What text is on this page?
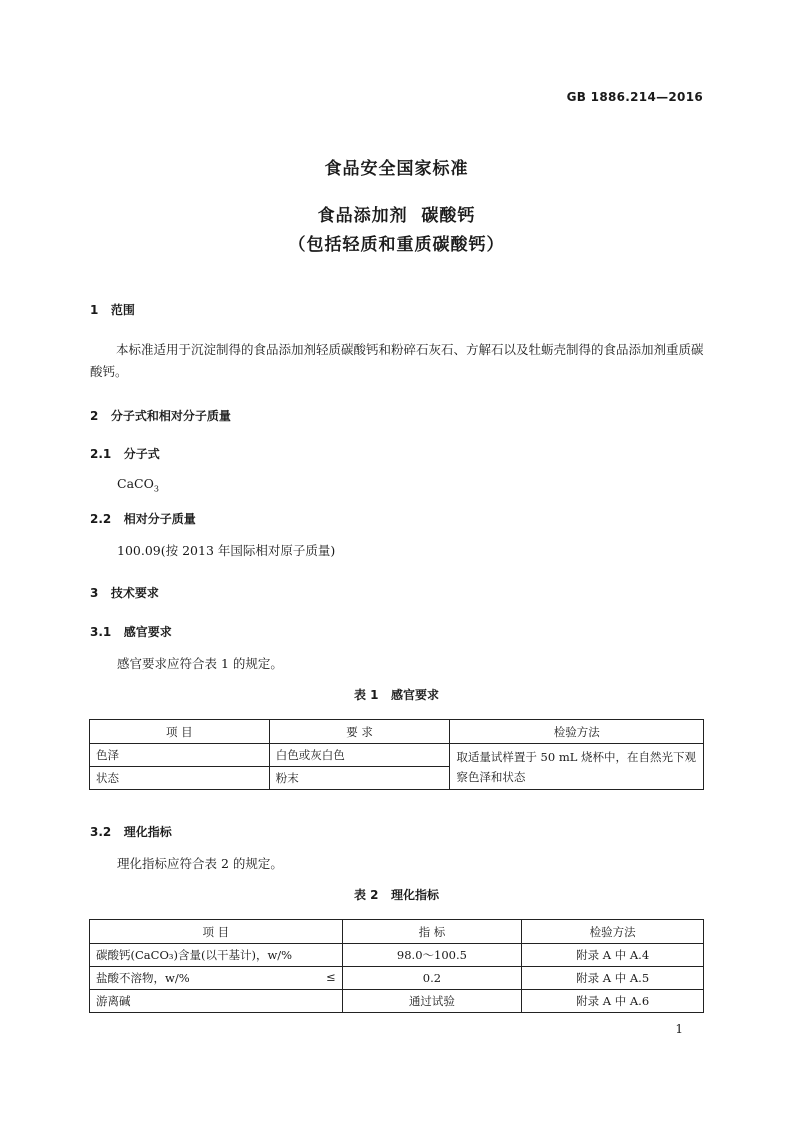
GB 1886.214—2016
食品安全国家标准
食品添加剂  碳酸钙
（包括轻质和重质碳酸钙）
1   范围
本标准适用于沉淀制得的食品添加剂轻质碳酸钙和粉碎石灰石、方解石以及牡蛎壳制得的食品添加剂重质碳酸钙。
2   分子式和相对分子质量
2.1   分子式
CaCO$_3$
2.2   相对分子质量
100.09(按 2013 年国际相对原子质量)
3   技术要求
3.1   感官要求
感官要求应符合表 1 的规定。
表 1   感官要求
项 目	要 求	检验方法
色泽	白色或灰白色	取适量试样置于 50 mL 烧杯中，在自然光下观察色泽和状态
状态	粉末	
3.2   理化指标
理化指标应符合表 2 的规定。
表 2   理化指标
项 目	指 标	检验方法

碳酸钙(CaCO₃)含量(以干基计)，w/%	98.0～100.5	附录 A 中 A.4

盐酸不溶物，w/% ≤	0.2	附录 A 中 A.5

游离碱	通过试验	附录 A 中 A.6
1
